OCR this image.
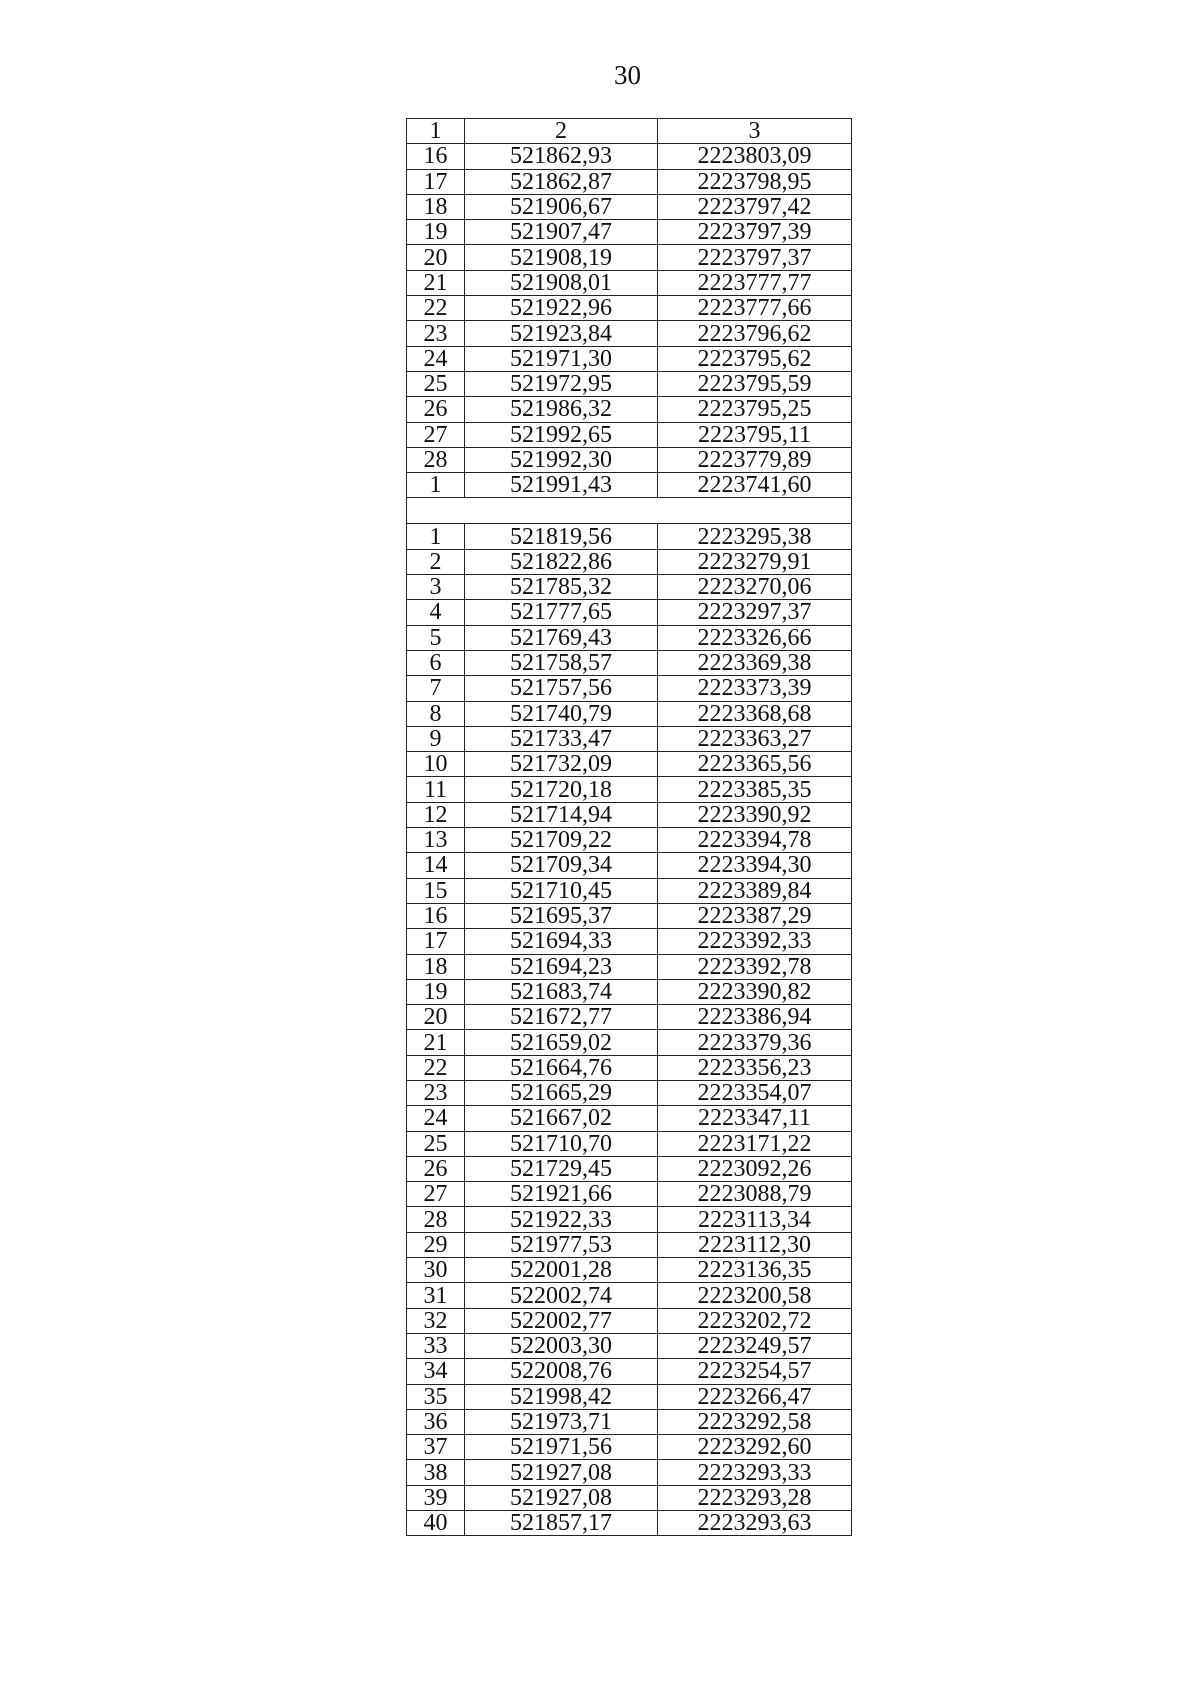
30
1	2	3
16	521862,93	2223803,09
17	521862,87	2223798,95
18	521906,67	2223797,42
19	521907,47	2223797,39
20	521908,19	2223797,37
21	521908,01	2223777,77
22	521922,96	2223777,66
23	521923,84	2223796,62
24	521971,30	2223795,62
25	521972,95	2223795,59
26	521986,32	2223795,25
27	521992,65	2223795,11
28	521992,30	2223779,89
1	521991,43	2223741,60

1	521819,56	2223295,38
2	521822,86	2223279,91
3	521785,32	2223270,06
4	521777,65	2223297,37
5	521769,43	2223326,66
6	521758,57	2223369,38
7	521757,56	2223373,39
8	521740,79	2223368,68
9	521733,47	2223363,27
10	521732,09	2223365,56
11	521720,18	2223385,35
12	521714,94	2223390,92
13	521709,22	2223394,78
14	521709,34	2223394,30
15	521710,45	2223389,84
16	521695,37	2223387,29
17	521694,33	2223392,33
18	521694,23	2223392,78
19	521683,74	2223390,82
20	521672,77	2223386,94
21	521659,02	2223379,36
22	521664,76	2223356,23
23	521665,29	2223354,07
24	521667,02	2223347,11
25	521710,70	2223171,22
26	521729,45	2223092,26
27	521921,66	2223088,79
28	521922,33	2223113,34
29	521977,53	2223112,30
30	522001,28	2223136,35
31	522002,74	2223200,58
32	522002,77	2223202,72
33	522003,30	2223249,57
34	522008,76	2223254,57
35	521998,42	2223266,47
36	521973,71	2223292,58
37	521971,56	2223292,60
38	521927,08	2223293,33
39	521927,08	2223293,28
40	521857,17	2223293,63
